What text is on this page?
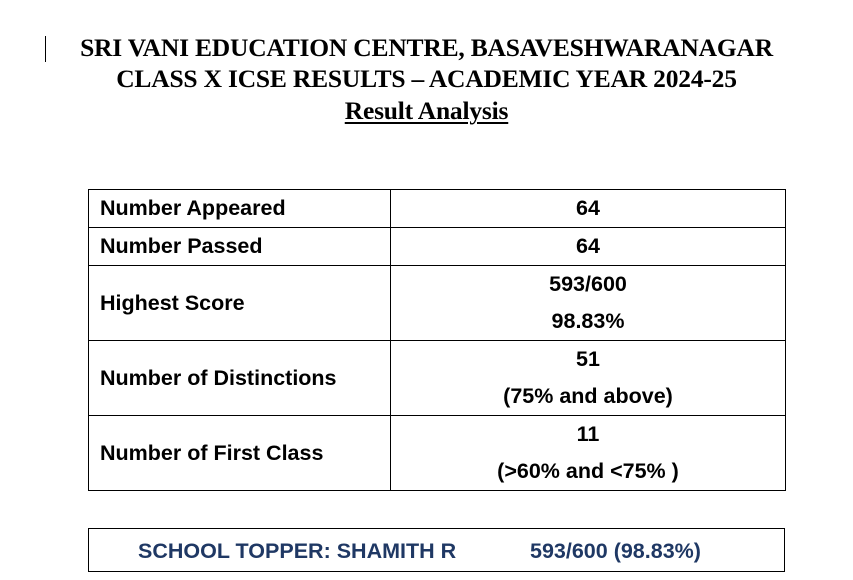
SRI VANI EDUCATION CENTRE, BASAVESHWARANAGAR
CLASS X ICSE RESULTS – ACADEMIC YEAR 2024-25
Result Analysis
Number Appeared	64
Number Passed	64
Highest Score	593/600
98.83%

Number of Distinctions	51
(75% and above)

Number of First Class	11
(>60% and <75% )
SCHOOL TOPPER: SHAMITH R	593/600 (98.83%)
